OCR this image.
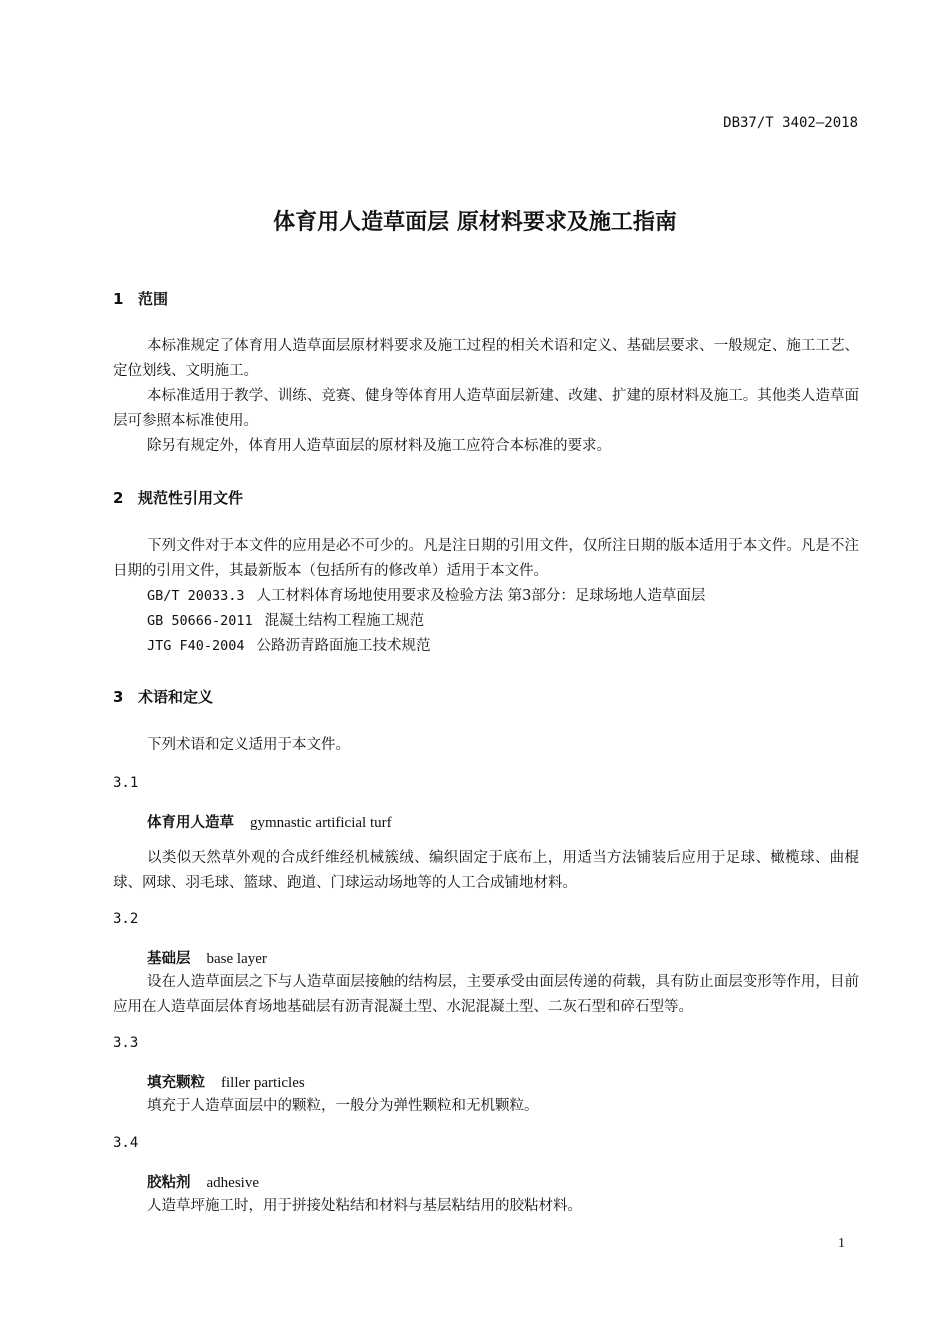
DB37/T 3402—2018
体育用人造草面层 原材料要求及施工指南
1 范围
本标准规定了体育用人造草面层原材料要求及施工过程的相关术语和定义、基础层要求、一般规定、施工工艺、定位划线、文明施工。
本标准适用于教学、训练、竞赛、健身等体育用人造草面层新建、改建、扩建的原材料及施工。其他类人造草面层可参照本标准使用。
除另有规定外，体育用人造草面层的原材料及施工应符合本标准的要求。
2 规范性引用文件
下列文件对于本文件的应用是必不可少的。凡是注日期的引用文件，仅所注日期的版本适用于本文件。凡是不注日期的引用文件，其最新版本（包括所有的修改单）适用于本文件。
GB/T 20033.3 人工材料体育场地使用要求及检验方法 第3部分：足球场地人造草面层
GB 50666-2011 混凝土结构工程施工规范
JTG F40-2004 公路沥青路面施工技术规范
3 术语和定义
下列术语和定义适用于本文件。
3.1
体育用人造草 gymnastic artificial turf
以类似天然草外观的合成纤维经机械簇绒、编织固定于底布上，用适当方法铺装后应用于足球、橄榄球、曲棍球、网球、羽毛球、篮球、跑道、门球运动场地等的人工合成铺地材料。
3.2
基础层 base layer
设在人造草面层之下与人造草面层接触的结构层，主要承受由面层传递的荷载，具有防止面层变形等作用，目前应用在人造草面层体育场地基础层有沥青混凝土型、水泥混凝土型、二灰石型和碎石型等。
3.3
填充颗粒 filler particles
填充于人造草面层中的颗粒，一般分为弹性颗粒和无机颗粒。
3.4
胶粘剂 adhesive
人造草坪施工时，用于拼接处粘结和材料与基层粘结用的胶粘材料。
1
